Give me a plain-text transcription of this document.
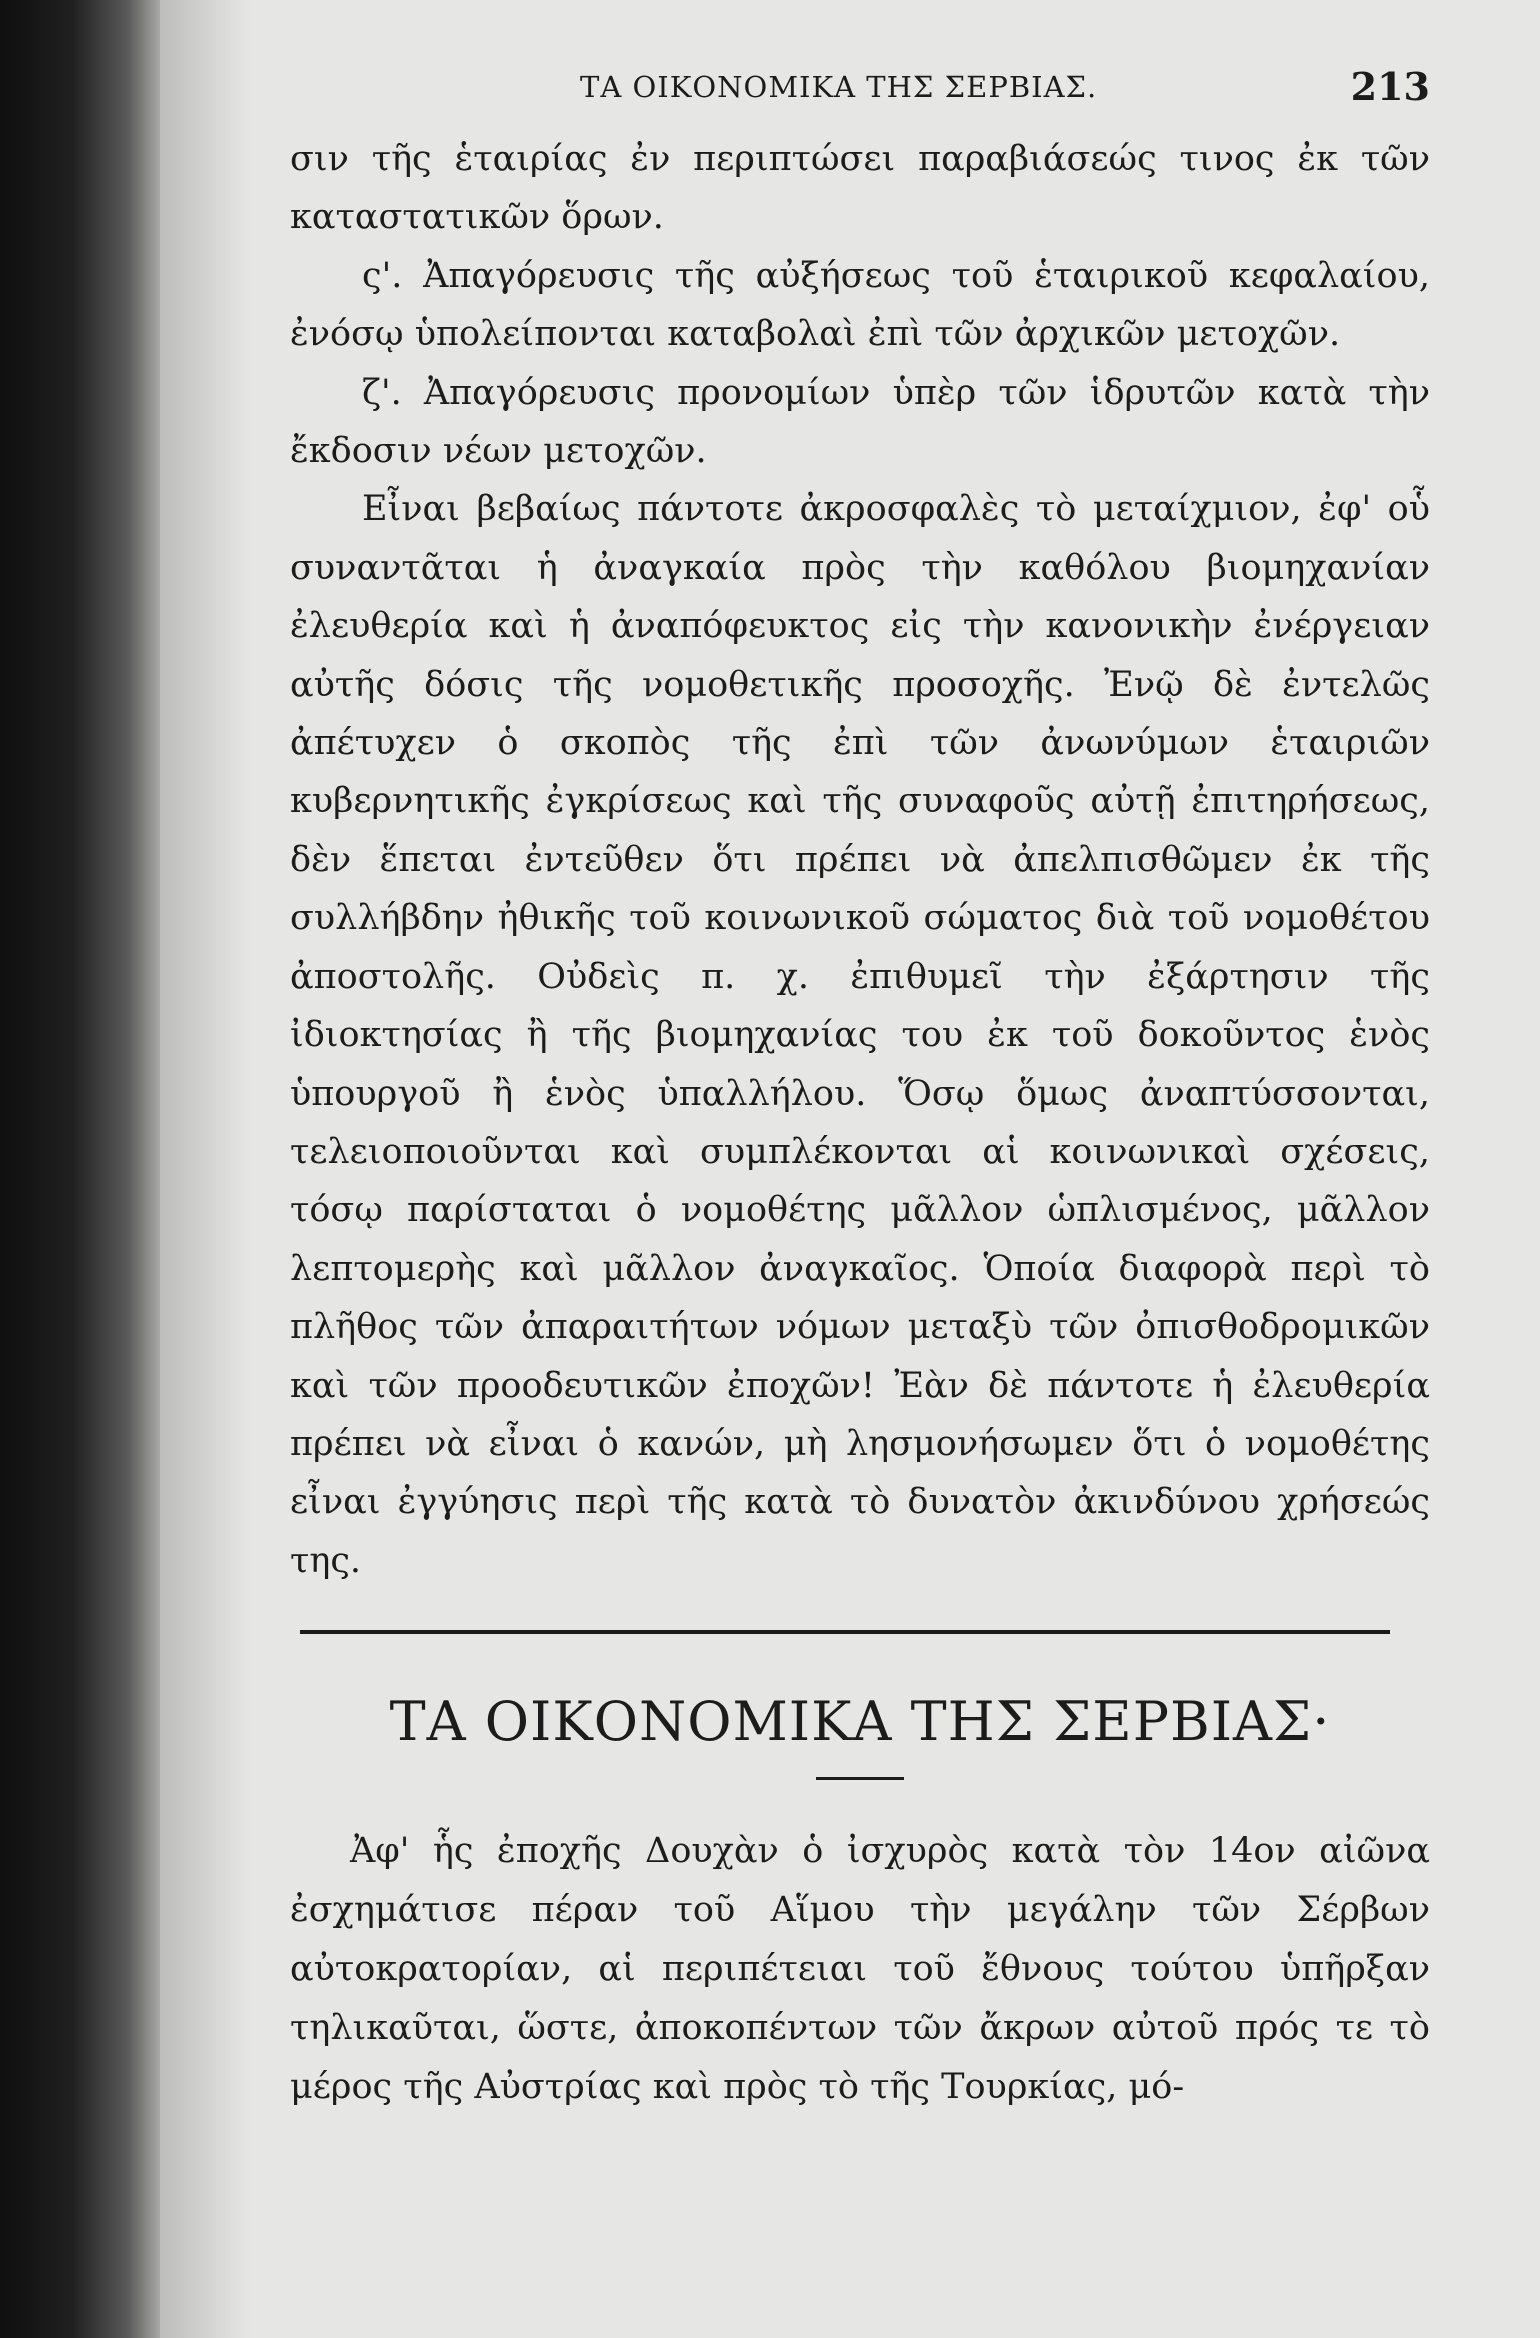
ΤΑ ΟΙΚΟΝΟΜΙΚΑ ΤΗΣ ΣΕΡΒΙΑΣ.	213

σιν τῆς ἑταιρίας ἐν περιπτώσει παραβιάσεώς τινος ἐκ τῶν καταστατικῶν ὅρων.

ς'. Ἀπαγόρευσις τῆς αὐξήσεως τοῦ ἑταιρικοῦ κεφαλαίου, ἐνόσῳ ὑπολείπονται καταβολαὶ ἐπὶ τῶν ἀρχικῶν μετοχῶν.

ζ'. Ἀπαγόρευσις προνομίων ὑπὲρ τῶν ἱδρυτῶν κατὰ τὴν ἔκδοσιν νέων μετοχῶν.

Εἶναι βεβαίως πάντοτε ἀκροσφαλὲς τὸ μεταίχμιον, ἐφ' οὗ συναντᾶται ἡ ἀναγκαία πρὸς τὴν καθόλου βιομηχανίαν ἐλευθερία καὶ ἡ ἀναπόφευκτος εἰς τὴν κανονικὴν ἐνέργειαν αὐτῆς δόσις τῆς νομοθετικῆς προσοχῆς. Ἐνῷ δὲ ἐντελῶς ἀπέτυχεν ὁ σκοπὸς τῆς ἐπὶ τῶν ἀνωνύμων ἑταιριῶν κυβερνητικῆς ἐγκρίσεως καὶ τῆς συναφοῦς αὐτῇ ἐπιτηρήσεως, δὲν ἕπεται ἐντεῦθεν ὅτι πρέπει νὰ ἀπελπισθῶμεν ἐκ τῆς συλλήβδην ἠθικῆς τοῦ κοινωνικοῦ σώματος διὰ τοῦ νομοθέτου ἀποστολῆς. Οὐδεὶς π. χ. ἐπιθυμεῖ τὴν ἐξάρτησιν τῆς ἰδιοκτησίας ἢ τῆς βιομηχανίας του ἐκ τοῦ δοκοῦντος ἑνὸς ὑπουργοῦ ἢ ἑνὸς ὑπαλλήλου. Ὅσῳ ὅμως ἀναπτύσσονται, τελειοποιοῦνται καὶ συμπλέκονται αἱ κοινωνικαὶ σχέσεις, τόσῳ παρίσταται ὁ νομοθέτης μᾶλλον ὡπλισμένος, μᾶλλον λεπτομερὴς καὶ μᾶλλον ἀναγκαῖος. Ὁποία διαφορὰ περὶ τὸ πλῆθος τῶν ἀπαραιτήτων νόμων μεταξὺ τῶν ὀπισθοδρομικῶν καὶ τῶν προοδευτικῶν ἐποχῶν! Ἐὰν δὲ πάντοτε ἡ ἐλευθερία πρέπει νὰ εἶναι ὁ κανών, μὴ λησμονήσωμεν ὅτι ὁ νομοθέτης εἶναι ἐγγύησις περὶ τῆς κατὰ τὸ δυνατὸν ἀκινδύνου χρήσεώς της.

ΤΑ ΟΙΚΟΝΟΜΙΚΑ ΤΗΣ ΣΕΡΒΙΑΣ·

Ἀφ' ἧς ἐποχῆς Δουχὰν ὁ ἰσχυρὸς κατὰ τὸν 14ον αἰῶνα ἐσχημάτισε πέραν τοῦ Αἵμου τὴν μεγάλην τῶν Σέρβων αὐτοκρατορίαν, αἱ περιπέτειαι τοῦ ἔθνους τούτου ὑπῆρξαν τηλικαῦται, ὥστε, ἀποκοπέντων τῶν ἄκρων αὐτοῦ πρός τε τὸ μέρος τῆς Αὐστρίας καὶ πρὸς τὸ τῆς Τουρκίας, μό-
